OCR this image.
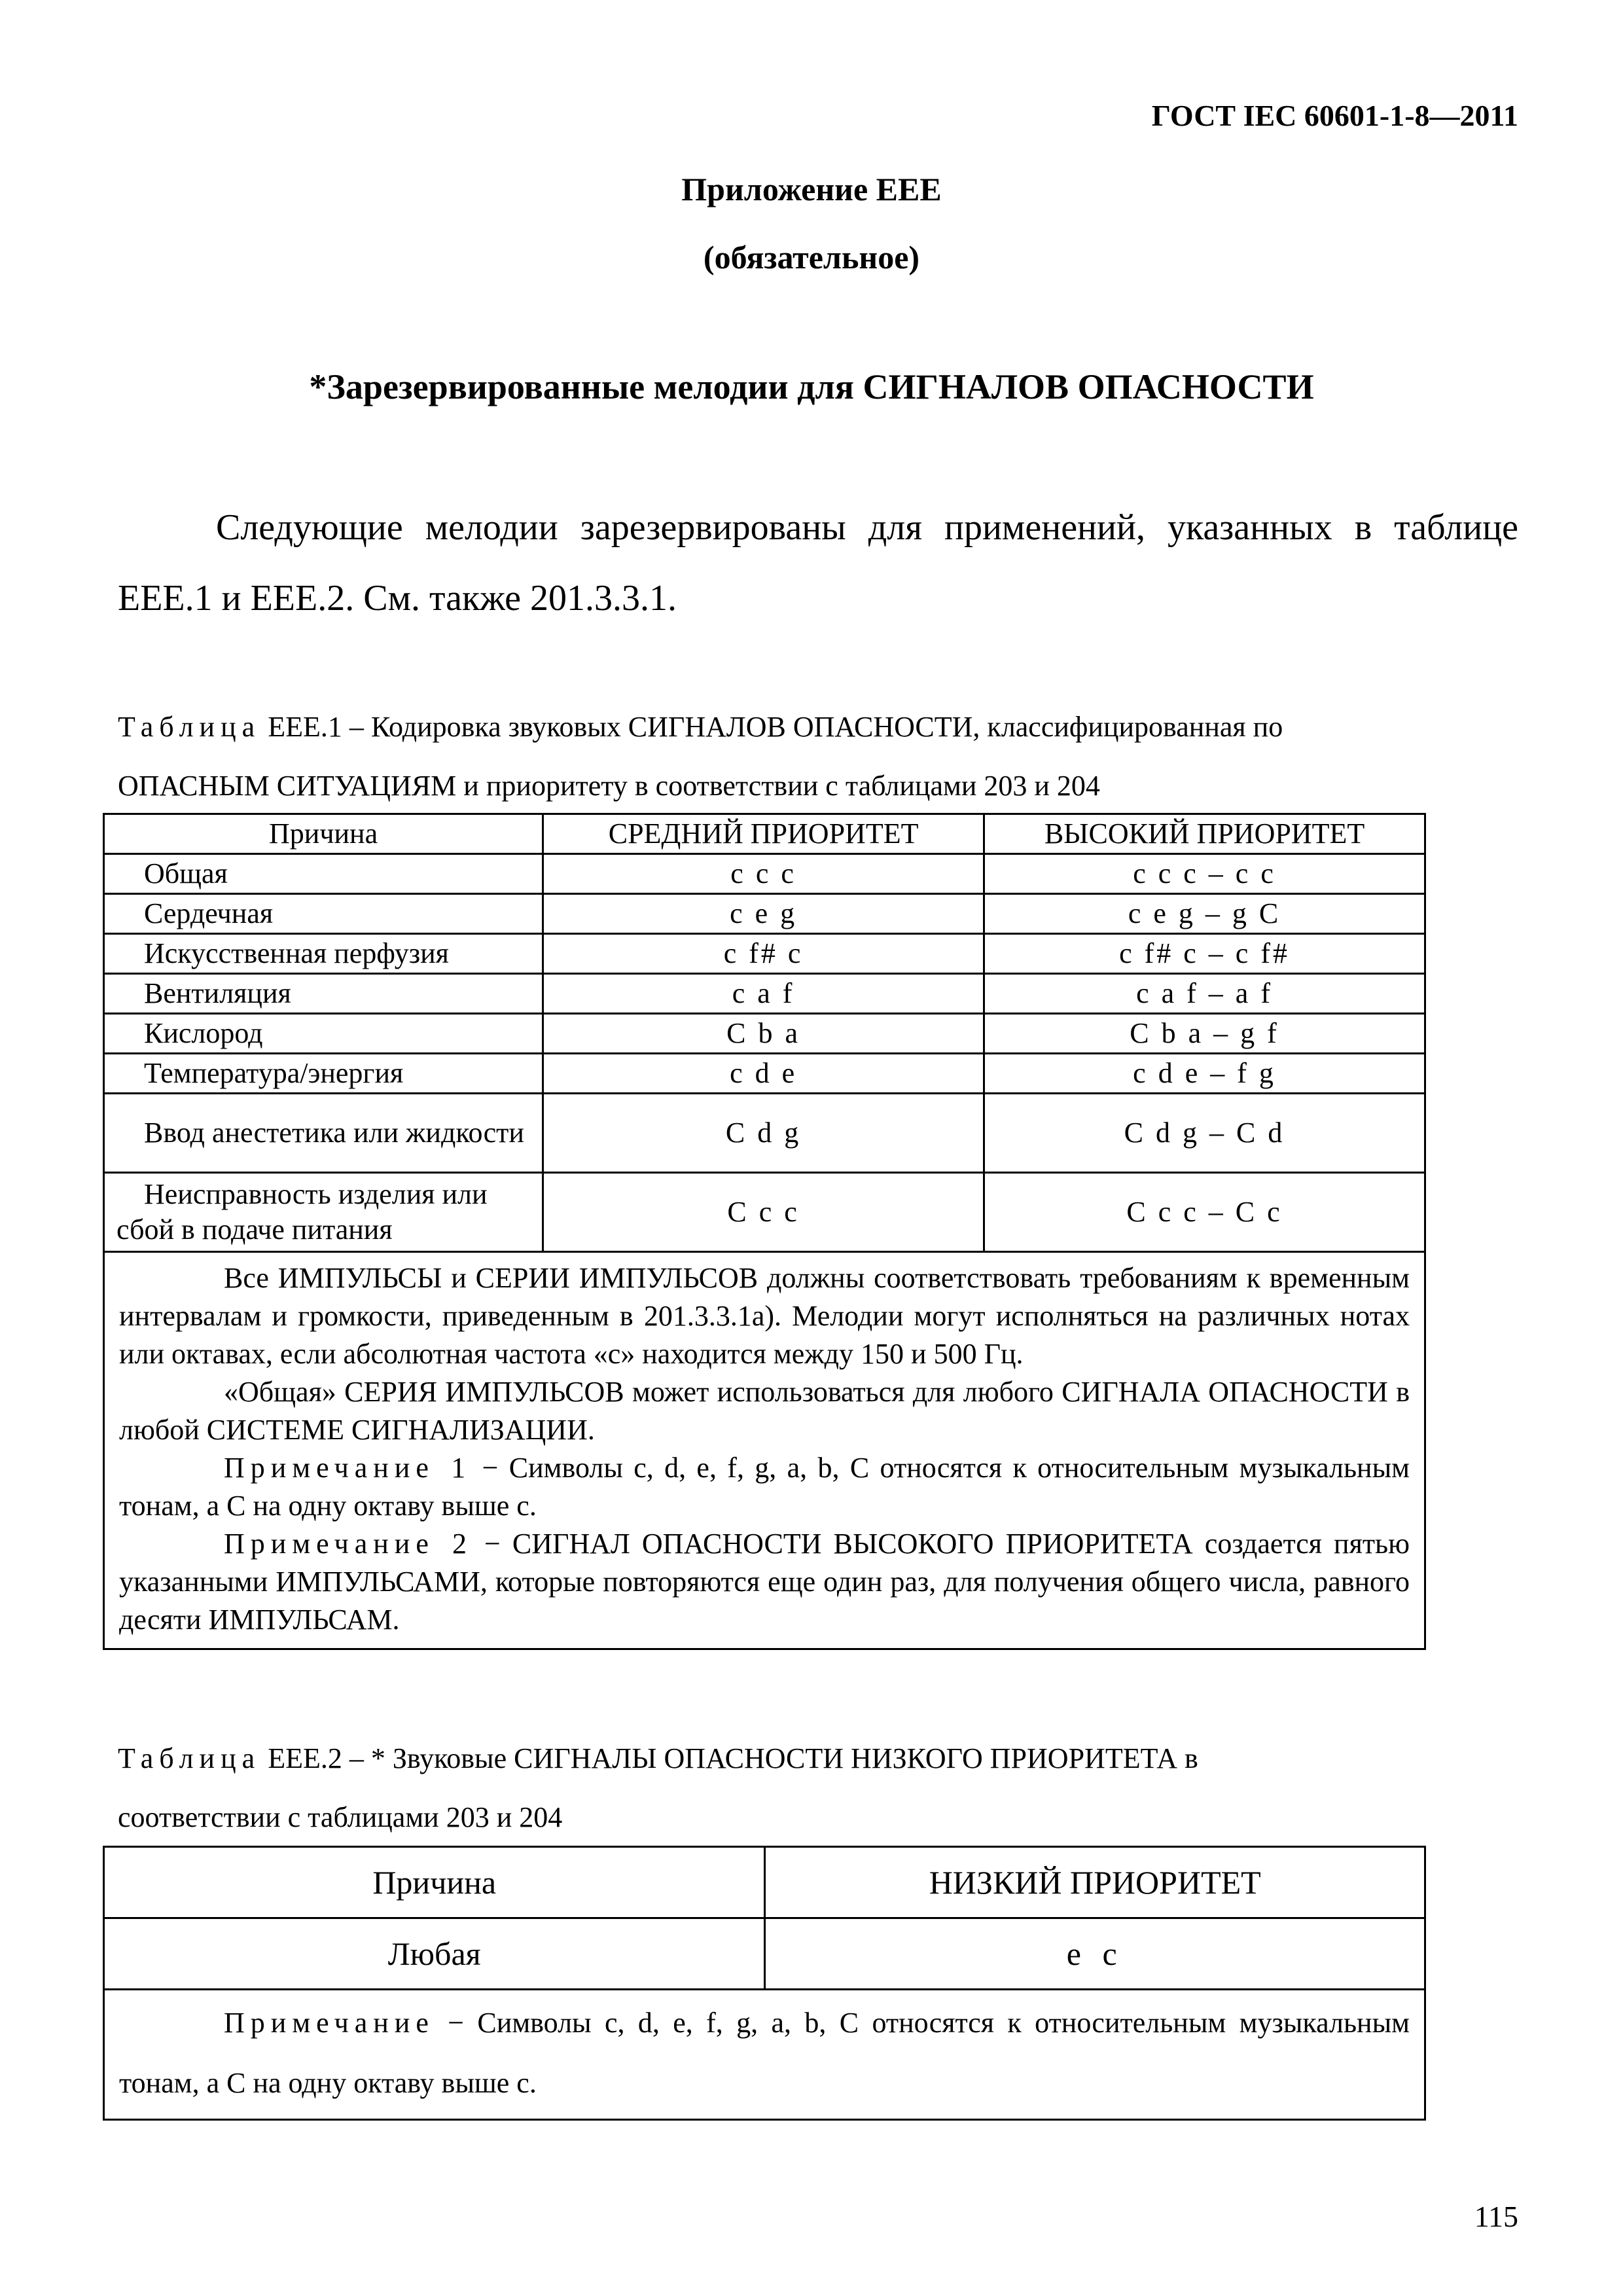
ГОСТ IEC 60601-1-8—2011
Приложение ЕЕЕ
(обязательное)
*Зарезервированные мелодии для СИГНАЛОВ ОПАСНОСТИ
Следующие мелодии зарезервированы для применений, указанных в таблице ЕЕЕ.1 и ЕЕЕ.2. См. также 201.3.3.1.
Таблица ЕЕЕ.1 – Кодировка звуковых СИГНАЛОВ ОПАСНОСТИ, классифицированная по
ОПАСНЫМ СИТУАЦИЯМ и приоритету в соответствии с таблицами 203 и 204
Причина	СРЕДНИЙ ПРИОРИТЕТ	ВЫСОКИЙ ПРИОРИТЕТ
Общая	c c c	c c c – c c
Сердечная	c e g	c e g – g C
Искусственная перфузия	c f# c	c f# c – c f#
Вентиляция	c a f	c a f – a f
Кислород	C b a	C b a – g f
Температура/энергия	c d e	c d e – f g
Ввод анестетика или жидкости	C d g	C d g – C d
Неисправность изделия или сбой в подаче питания	C c c	C c c – C c

Все ИМПУЛЬСЫ и СЕРИИ ИМПУЛЬСОВ должны соответствовать требованиям к временным интервалам и громкости, приведенным в 201.3.3.1а). Мелодии могут исполняться на различных нотах или октавах, если абсолютная частота «с» находится между 150 и 500 Гц.
«Общая» СЕРИЯ ИМПУЛЬСОВ может использоваться для любого СИГНАЛА ОПАСНОСТИ в любой СИСТЕМЕ СИГНАЛИЗАЦИИ.
Примечание 1 − Символы c, d, e, f, g, a, b, C относятся к относительным музыкальным тонам, а С на одну октаву выше с.
Примечание 2 − СИГНАЛ ОПАСНОСТИ ВЫСОКОГО ПРИОРИТЕТА создается пятью указанными ИМПУЛЬСАМИ, которые повторяются еще один раз, для получения общего числа, равного десяти ИМПУЛЬСАМ.		
Таблица ЕЕЕ.2 – * Звуковые СИГНАЛЫ ОПАСНОСТИ НИЗКОГО ПРИОРИТЕТА в
соответствии с таблицами 203 и 204
Причина	НИЗКИЙ ПРИОРИТЕТ
Любая	e c

Примечание − Символы c, d, e, f, g, a, b, C относятся к относительным музыкальным тонам, а С на одну октаву выше с.	
115
